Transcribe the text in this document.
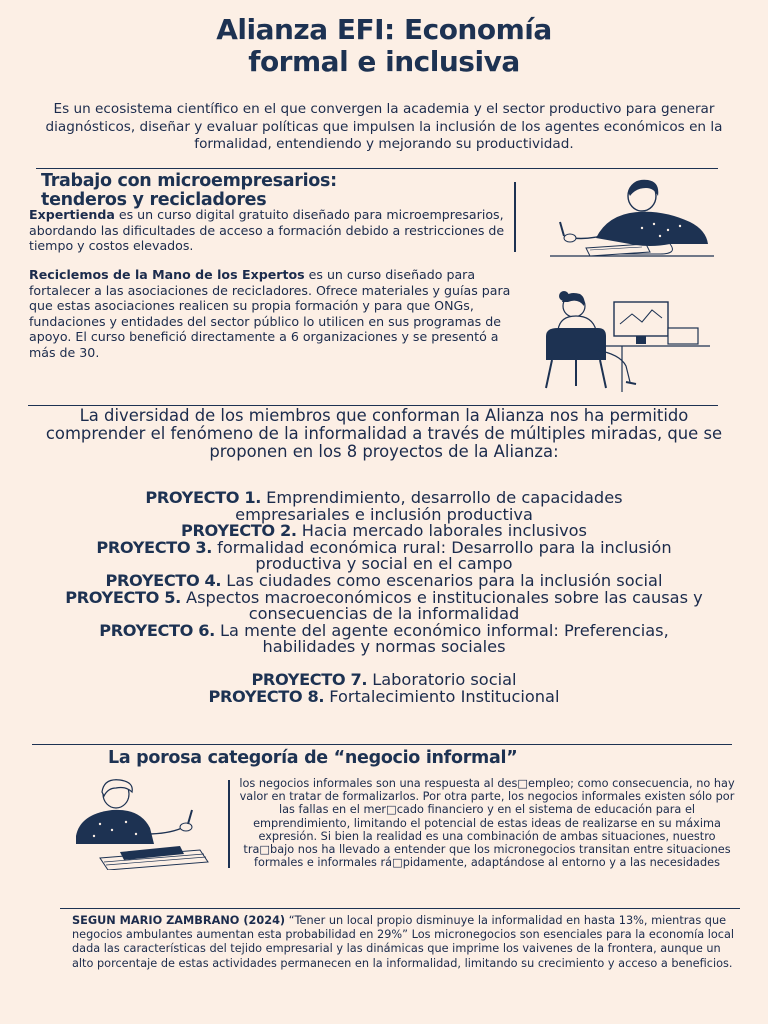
Alianza EFI: Economía
formal e inclusiva
Es un ecosistema científico en el que convergen la academia y el sector productivo para generar diagnósticos, diseñar y evaluar políticas que impulsen la inclusión de los agentes económicos en la formalidad, entendiendo y mejorando su productividad.
Trabajo con microempresarios:
tenderos y recicladores
Expertienda es un curso digital gratuito diseñado para microempresarios, abordando las dificultades de acceso a formación debido a restricciones de tiempo y costos elevados.
Reciclemos de la Mano de los Expertos es un curso diseñado para fortalecer a las asociaciones de recicladores. Ofrece materiales y guías para que estas asociaciones realicen su propia formación y para que ONGs, fundaciones y entidades del sector público lo utilicen en sus programas de apoyo. El curso benefició directamente a 6 organizaciones y se presentó a más de 30.
La diversidad de los miembros que conforman la Alianza nos ha permitido comprender el fenómeno de la informalidad a través de múltiples miradas, que se proponen en los 8 proyectos de la Alianza:
PROYECTO 1. Emprendimiento, desarrollo de capacidades empresariales e inclusión productiva
PROYECTO 2. Hacia mercado laborales inclusivos
PROYECTO 3. formalidad económica rural: Desarrollo para la inclusión productiva y social en el campo
PROYECTO 4. Las ciudades como escenarios para la inclusión social
PROYECTO 5. Aspectos macroeconómicos e institucionales sobre las causas y consecuencias de la informalidad
PROYECTO 6. La mente del agente económico informal: Preferencias, habilidades y normas sociales
PROYECTO 7. Laboratorio social
PROYECTO 8. Fortalecimiento Institucional
La porosa categoría de “negocio informal”
los negocios informales son una respuesta al des□empleo; como consecuencia, no hay valor en tratar de formalizarlos. Por otra parte, los negocios informales existen sólo por las fallas en el mer□cado financiero y en el sistema de educación para el emprendimiento, limitando el potencial de estas ideas de realizarse en su máxima expresión. Si bien la realidad es una combinación de ambas situaciones, nuestro tra□bajo nos ha llevado a entender que los micronegocios transitan entre situaciones formales e informales rá□pidamente, adaptándose al entorno y a las necesidades
SEGUN MARIO ZAMBRANO (2024) “Tener un local propio disminuye la informalidad en hasta 13%, mientras que negocios ambulantes aumentan esta probabilidad en 29%” Los micronegocios son esenciales para la economía local dada las características del tejido empresarial y las dinámicas que imprime los vaivenes de la frontera, aunque un alto porcentaje de estas actividades permanecen en la informalidad, limitando su crecimiento y acceso a beneficios.
